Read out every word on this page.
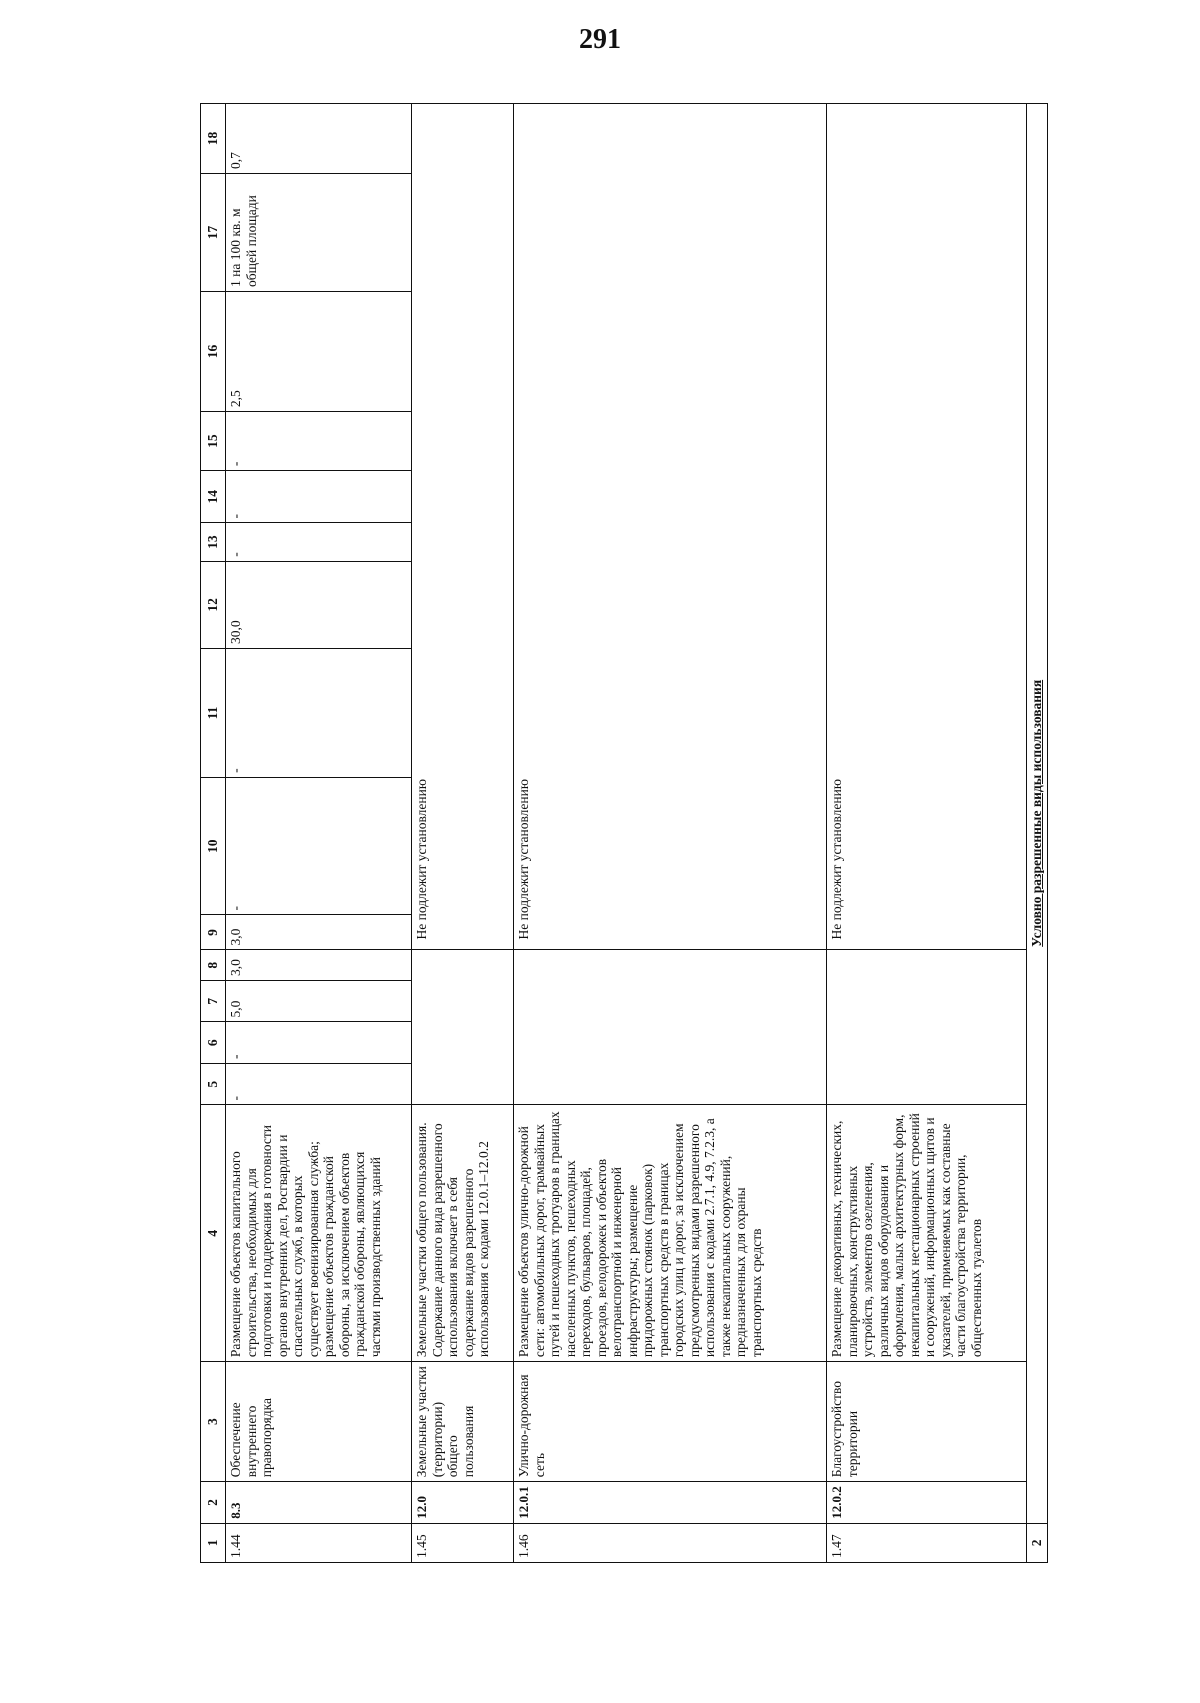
291
1	2	3	4	5	6	7	8	9	10	11	12	13	14	15	16	17	18
1.44	8.3	Обеспечение внутреннего правопорядка	Размещение объектов капитального строительства, необходимых для подготовки и поддержания в готовности органов внутренних дел, Росгвардии и спасательных служб, в которых существует военизированная служба; размещение объектов гражданской обороны, за исключением объектов гражданской обороны, являющихся частями производственных зданий	-	-	5,0	3,0	3,0	-	-	30,0	-	-	-	2,5	1 на 100 кв. м общей площади	0,7
1.45	12.0	Земельные участки (территории) общего пользования	Земельные участки общего пользования. Содержание данного вида разрешенного использования включает в себя содержание видов разрешенного использования с кодами 12.0.1–12.0.2					Не подлежит установлению									
1.46	12.0.1	Улично-дорожная сеть	Размещение объектов улично-дорожной сети: автомобильных дорог, трамвайных путей и пешеходных тротуаров в границах населенных пунктов, пешеходных переходов, бульваров, площадей, проездов, велодорожек и объектов велотранспортной и инженерной инфраструктуры; размещение придорожных стоянок (парковок) транспортных средств в границах городских улиц и дорог, за исключением предусмотренных видами разрешенного использования с кодами 2.7.1, 4.9, 7.2.3, а также некапитальных сооружений, предназначенных для охраны транспортных средств					Не подлежит установлению									
1.47	12.0.2	Благоустройство территории	Размещение декоративных, технических, планировочных, конструктивных устройств, элементов озеленения, различных видов оборудования и оформления, малых архитектурных форм, некапитальных нестационарных строений и сооружений, информационных щитов и указателей, применяемых как составные части благоустройства территории, общественных туалетов					Не подлежит установлению									
2	Условно разрешенные виды использования																
